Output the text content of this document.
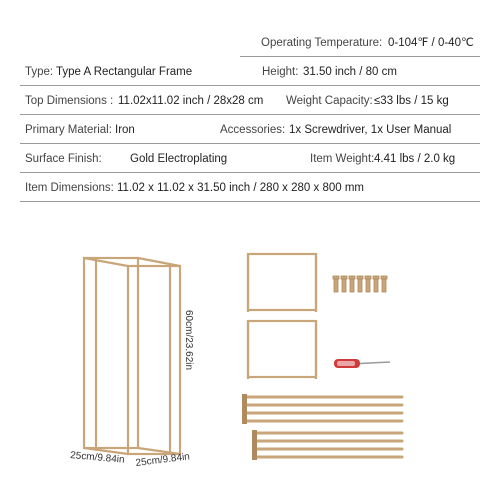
Operating Temperature: 0-104℉ / 0-40℃
Type: Type A Rectangular Frame	Height: 31.50 inch / 80 cm
Top Dimensions : 11.02x11.02 inch / 28x28 cm Weight Capacity: ≤33 lbs / 15 kg
Primary Material: Iron	Accessories: 1x Screwdriver, 1x User Manual
Surface Finish: Gold Electroplating	Item Weight: 4.41 lbs / 2.0 kg
Item Dimensions: 11.02 x 11.02 x 31.50 inch / 280 x 280 x 800 mm
60cm/23.62in
25cm/9.84in 25cm/9.84in
